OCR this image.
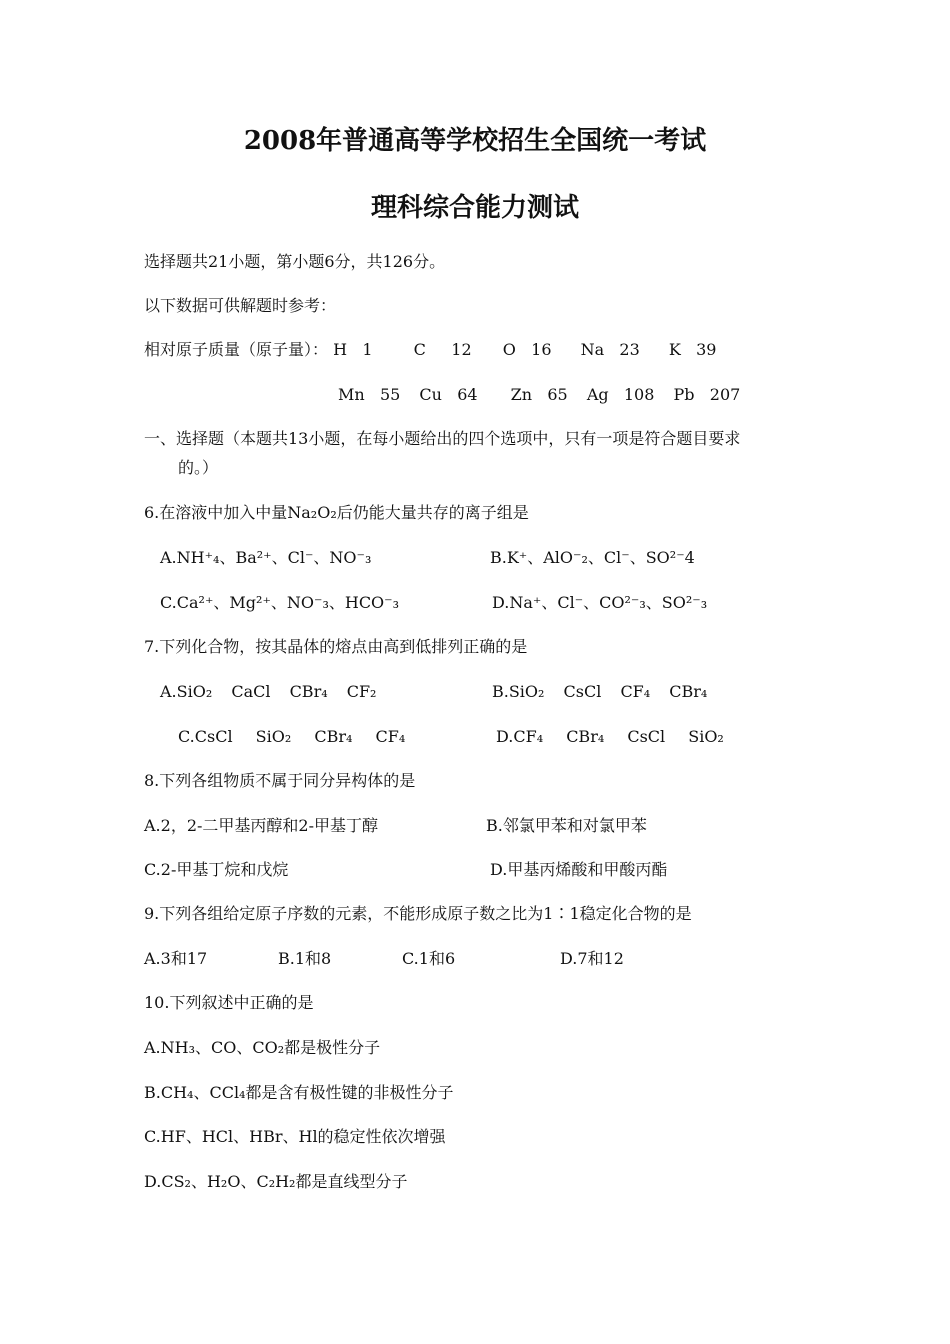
2008年普通高等学校招生全国统一考试
理科综合能力测试
选择题共21小题，第小题6分，共126分。
以下数据可供解题时参考：
相对原子质量（原子量）： H 1	C 12 O 16 Na 23 K 39
Mn 55 Cu 64 Zn 65 Ag 108 Pb 207
一、选择题（本题共13小题，在每小题给出的四个选项中，只有一项是符合题目要求
的。）
6.在溶液中加入中量Na₂O₂后仍能大量共存的离子组是
A.NH⁺₄、Ba²⁺、Cl⁻、NO⁻₃	B.K⁺、AlO⁻₂、Cl⁻、SO²⁻4
C.Ca²⁺、Mg²⁺、NO⁻₃、HCO⁻₃	D.Na⁺、Cl⁻、CO²⁻₃、SO²⁻₃
7.下列化合物，按其晶体的熔点由高到低排列正确的是
A.SiO₂ CaCl CBr₄ CF₂	B.SiO₂ CsCl CF₄ CBr₄
C.CsCl SiO₂ CBr₄ CF₄	D.CF₄ CBr₄ CsCl SiO₂
8.下列各组物质不属于同分异构体的是
A.2，2-二甲基丙醇和2-甲基丁醇	B.邻氯甲苯和对氯甲苯
C.2-甲基丁烷和戊烷	D.甲基丙烯酸和甲酸丙酯
9.下列各组给定原子序数的元素，不能形成原子数之比为1∶1稳定化合物的是
A.3和17	B.1和8	C.1和6	D.7和12
10.下列叙述中正确的是
A.NH₃、CO、CO₂都是极性分子
B.CH₄、CCl₄都是含有极性键的非极性分子
C.HF、HCl、HBr、Hl的稳定性依次增强
D.CS₂、H₂O、C₂H₂都是直线型分子
